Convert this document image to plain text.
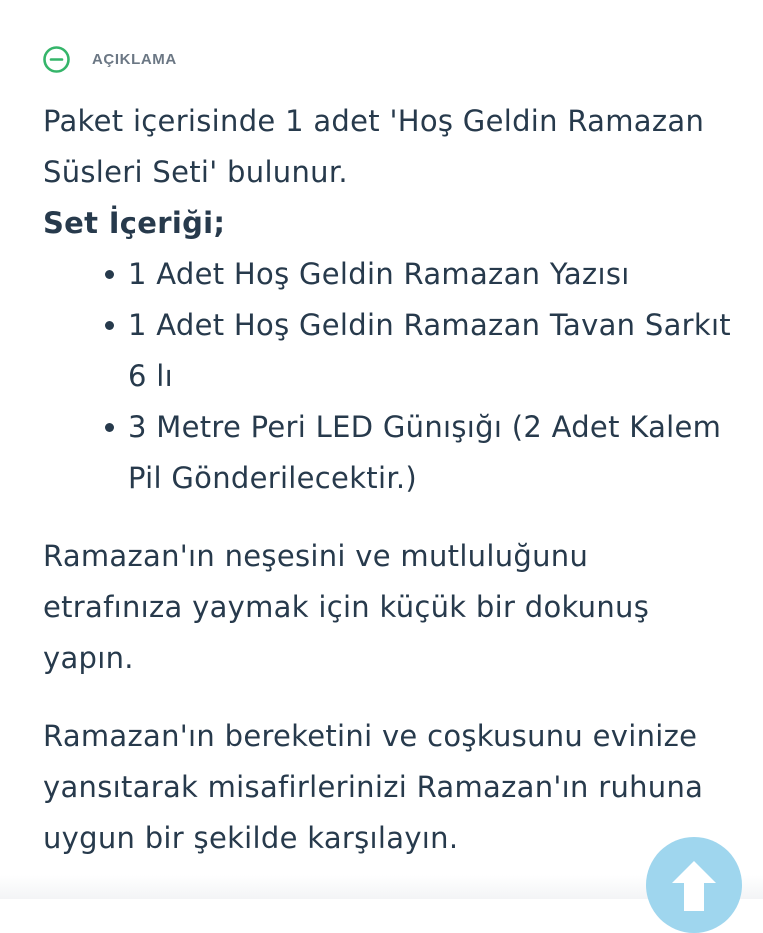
AÇIKLAMA

Paket içerisinde 1 adet 'Hoş Geldin Ramazan Süsleri Seti' bulunur.

Set İçeriği;

1 Adet Hoş Geldin Ramazan Yazısı
1 Adet Hoş Geldin Ramazan Tavan Sarkıt 6 lı
3 Metre Peri LED Günışığı (2 Adet Kalem Pil Gönderilecektir.)

Ramazan'ın neşesini ve mutluluğunu etrafınıza yaymak için küçük bir dokunuş yapın.

Ramazan'ın bereketini ve coşkusunu evinize yansıtarak misafirlerinizi Ramazan'ın ruhuna uygun bir şekilde karşılayın.
